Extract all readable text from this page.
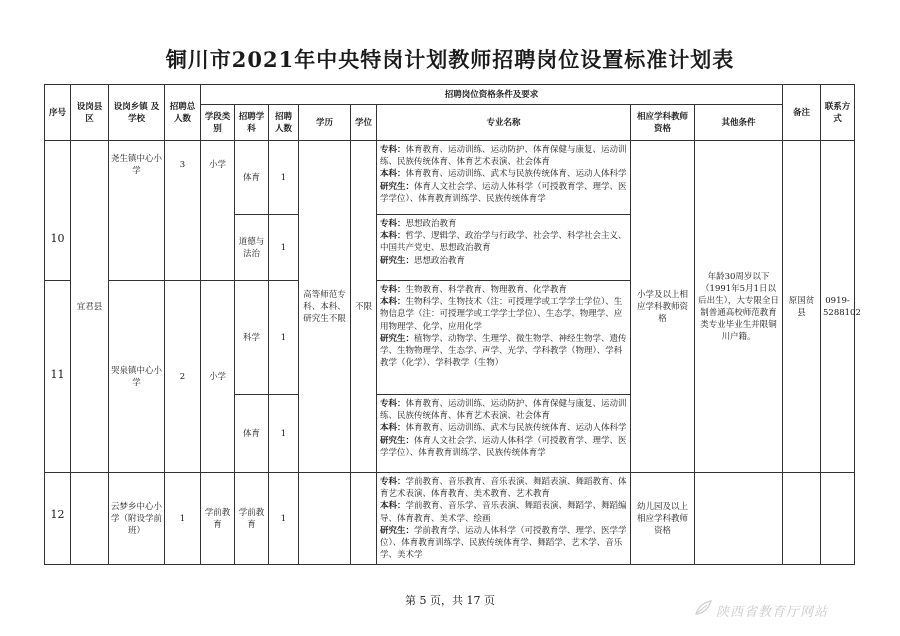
铜川市2021年中央特岗计划教师招聘岗位设置标准计划表
序号	设岗县区	设岗乡镇 及学校	招聘总人数	招聘岗位资格条件及要求								备注	联系方式
				学段类别	招聘学科	招聘人数	学历	学位	专业名称	相应学科教师资格	其他条件		
10	宜君县	尧生镇中心小学	3	小学	体育	1	高等师范专科、本科、研究生不限	不限	专科：体育教育、运动训练、运动防护、体育保健与康复、运动训练、民族传统体育、体育艺术表演、社会体育
本科：体育教育、运动训练、武术与民族传统体育、运动人体科学
研究生：体育人文社会学、运动人体科学（可授教育学、理学、医学学位）、体育教育训练学、民族传统体育学	小学及以上相应学科教师资格	年龄30周岁以下（1991年5月1日以后出生），大专限全日制普通高校师范教育类专业毕业生并限铜川户籍。	原国贫县	0919-5288102
					道德与法治	1			专科：思想政治教育
本科：哲学、逻辑学、政治学与行政学、社会学、科学社会主义、中国共产党史、思想政治教育
研究生：思想政治教育				
11		哭泉镇中心小学	2	小学	科学	1			专科：生物教育、科学教育、物理教育、化学教育
本科：生物科学、生物技术（注：可授理学或工学学士学位）、生物信息学（注：可授理学或工学学士学位）、生态学、物理学、应用物理学、化学、应用化学
研究生：植物学、动物学、生理学、微生物学、神经生物学、遗传学、生物物理学、生态学、声学、光学、学科教学（物理）、学科教学（化学）、学科教学（生物）				
					体育	1			专科：体育教育、运动训练、运动防护、体育保健与康复、运动训练、民族传统体育、体育艺术表演、社会体育
本科：体育教育、运动训练、武术与民族传统体育、运动人体科学
研究生：体育人文社会学、运动人体科学（可授教育学、理学、医学学位）、体育教育训练学、民族传统体育学				
12		云梦乡中心小学（附设学前班）	1	学前教育	学前教育	1			专科：学前教育、音乐教育、音乐表演、舞蹈表演、舞蹈教育、体育艺术表演、体育教育、美术教育、艺术教育
本科：学前教育、音乐学、音乐表演、舞蹈表演、舞蹈学、舞蹈编导、体育教育、美术学、绘画
研究生：学前教育学、运动人体科学（可授教育学、理学、医学学位）、体育教育训练学、民族传统体育学、舞蹈学、艺术学、音乐学、美术学	幼儿园及以上相应学科教师资格			
第 5 页，共 17 页
陕西省教育厅网站
